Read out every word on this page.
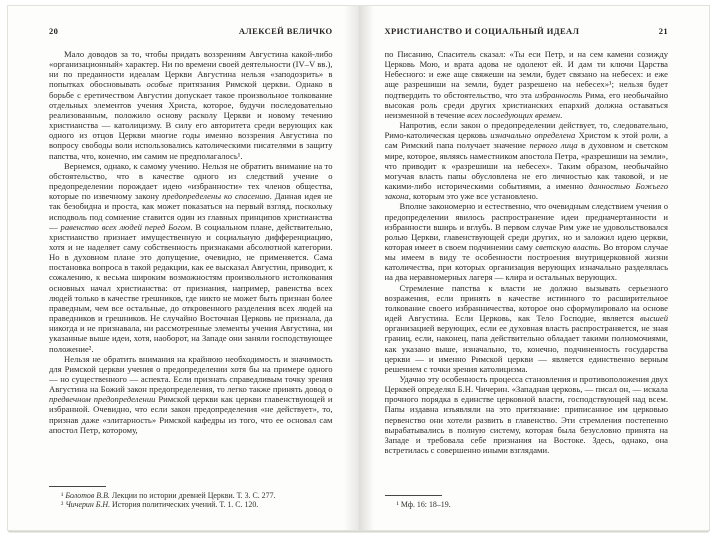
20	АЛЕКСЕЙ ВЕЛИЧКО

Мало доводов за то, чтобы придать воззрениям Августина какой-либо «организационный» характер. Ни по времени своей деятельности (IV–V вв.), ни по преданности идеалам Церкви Августина нельзя «заподозрить» в попытках обосновывать особые притязания Римской церкви. Однако в борьбе с еретичеством Августин допускает такое произвольное толкование отдельных элементов учения Христа, которое, будучи последовательно реализованным, положило основу расколу Церкви и новому течению христианства — католицизму. В силу его авторитета среди верующих как одного из отцов Церкви многие годы именно воззрения Августина по вопросу свободы воли использовались католическими писателями в защиту папства, что, конечно, им самим не предполагалось¹.

Вернемся, однако, к самому учению. Нельзя не обратить внимание на то обстоятельство, что в качестве одного из следствий учение о предопределении порождает идею «избранности» тех членов общества, которые по извечному закону предопределены ко спасению. Данная идея не так безобидна и проста, как может показаться на первый взгляд, поскольку исподволь под сомнение ставится один из главных принципов христианства — равенство всех людей перед Богом. В социальном плане, действительно, христианство признает имущественную и социальную дифференциацию, хотя и не наделяет саму собственность признаками абсолютной категории. Но в духовном плане это допущение, очевидно, не применяется. Сама постановка вопроса в такой редакции, как ее высказал Августин, приводит, к сожалению, к весьма широким возможностям произвольного истолкования основных начал христианства: от признания, например, равенства всех людей только в качестве грешников, где никто не может быть признан более праведным, чем все остальные, до откровенного разделения всех людей на праведников и грешников. Не случайно Восточная Церковь не признала, да никогда и не признавала, ни рассмотренные элементы учения Августина, ни указанные выше идеи, хотя, наоборот, на Западе они заняли господствующее положение².

Нельзя не обратить внимания на крайнюю необходимость и значимость для Римской церкви учения о предопределении хотя бы на примере одного — но существенного — аспекта. Если признать справедливым точку зрения Августина на Божий закон предопределения, то легко также принять довод о предвечном предопределении Римской церкви как церкви главенствующей и избранной. Очевидно, что если закон предопределения «не действует», то, признав даже «элитарность» Римской кафедры из того, что ее основал сам апостол Петр, которому,

¹ Болотов В.В. Лекции по истории древней Церкви. Т. 3. С. 277.

² Чичерин Б.Н. История политических учений. Т. 1. С. 120.

ХРИСТИАНСТВО И СОЦИАЛЬНЫЙ ИДЕАЛ	21

по Писанию, Спаситель сказал: «Ты еси Петр, и на сем камени созижду Церковь Мою, и врата адова не одолеют ей. И дам ти ключи Царства Небесного: и еже аще свяжеши на земли, будет связано на небесех: и еже аще разрешиши на земли, будет разрешено на небесех»¹; нельзя будет подтвердить то обстоятельство, что эта избранность Рима, его необычайно высокая роль среди других христианских епархий должна оставаться неизменной в течение всех последующих времен.

Напротив, если закон о предопределении действует, то, следовательно, Римо-католическая церковь изначально определена Христом к этой роли, а сам Римский папа получает значение первого лица в духовном и светском мире, которое, являясь наместником апостола Петра, «разрешиши на земли», что приводит к «разрешиши на небесех». Таким образом, необычайно могучая власть папы обусловлена не его личностью как таковой, и не какими-либо историческими событиями, а именно данностью Божьего закона, которым это уже все установлено.

Вполне закономерно и естественно, что очевидным следствием учения о предопределении явилось распространение идеи предначертанности и избранности вширь и вглубь. В первом случае Рим уже не удовольствовался ролью Церкви, главенствующей среди других, но и заложил идею церкви, которая имеет в своем подчинении саму светскую власть. Во втором случае мы имеем в виду те особенности построения внутрицерковной жизни католичества, при которых организация верующих изначально разделялась на два неравномерных лагеря — клира и остальных верующих.

Стремление папства к власти не должно вызывать серьезного возражения, если принять в качестве истинного то расширительное толкование своего избранничества, которое оно сформулировало на основе идей Августина. Если Церковь, как Тело Господне, является высшей организацией верующих, если ее духовная власть распространяется, не зная границ, если, наконец, папа действительно обладает такими полномочиями, как указано выше, изначально, то, конечно, подчиненность государства церкви — и именно Римской церкви — является единственно верным решением с точки зрения католицизма.

Удачно эту особенность процесса становления и противоположения двух Церквей определял Б.Н. Чичерин. «Западная церковь, — писал он, — искала прочного порядка в единстве церковной власти, господствующей над всем. Папы издавна изъявляли на это притязание: приписанное им церковью первенство они хотели развить в главенство. Эти стремления постепенно вырабатывались в полную систему, которая была безусловно принята на Западе и требовала себе признания на Востоке. Здесь, однако, она встретилась с совершенно иными взглядами.

¹ Мф. 16: 18–19.
